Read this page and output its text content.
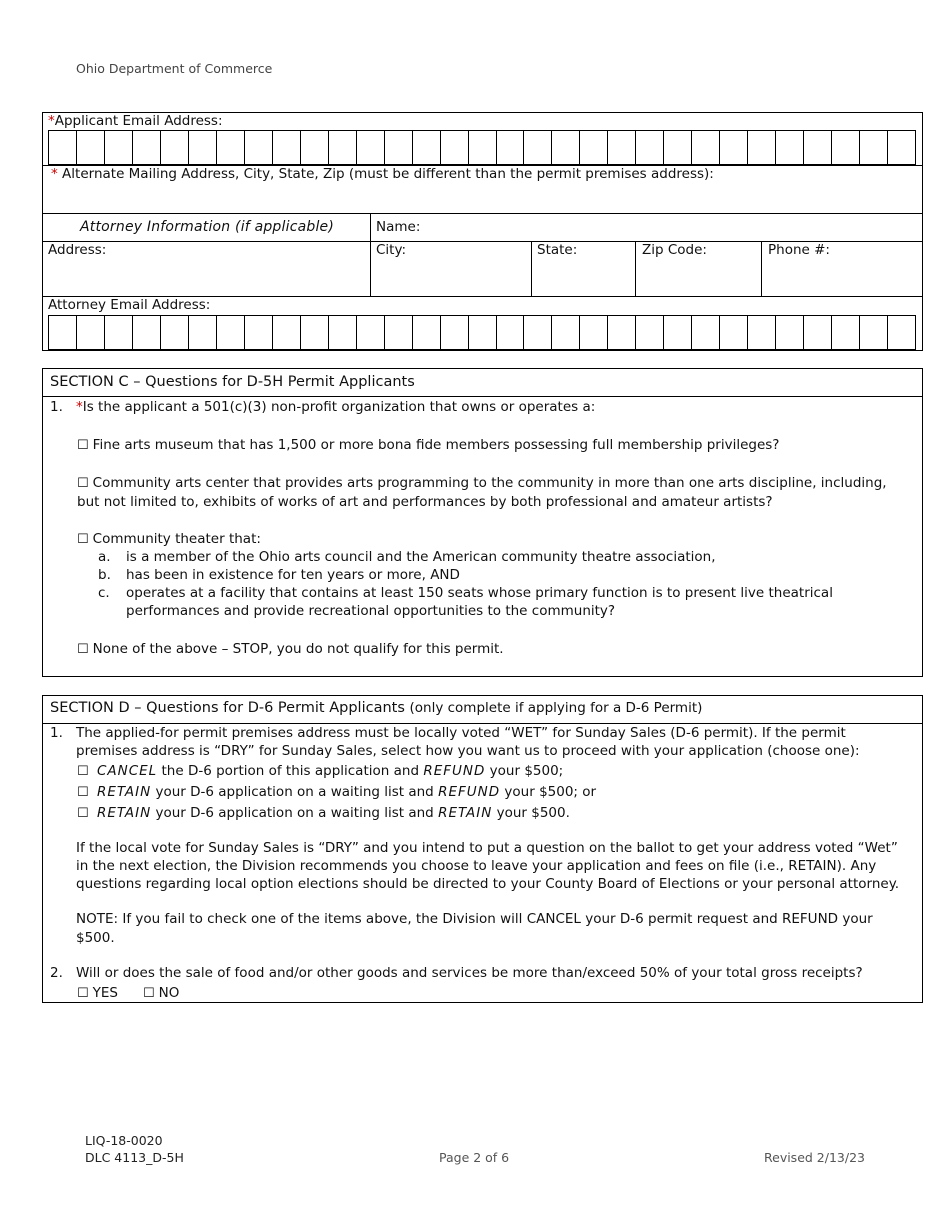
Ohio Department of Commerce
*Applicant Email Address:
* Alternate Mailing Address, City, State, Zip (must be different than the permit premises address):
Attorney Information (if applicable)	Name:
Address:	City:	State:	Zip Code:	Phone #:
Attorney Email Address:
SECTION C – Questions for D-5H Permit Applicants
1. *Is the applicant a 501(c)(3) non-profit organization that owns or operates a:
☐ Fine arts museum that has 1,500 or more bona fide members possessing full membership privileges?
☐ Community arts center that provides arts programming to the community in more than one arts discipline, including,
but not limited to, exhibits of works of art and performances by both professional and amateur artists?
☐ Community theater that:
a. is a member of the Ohio arts council and the American community theatre association,
b. has been in existence for ten years or more, AND
c. operates at a facility that contains at least 150 seats whose primary function is to present live theatrical
performances and provide recreational opportunities to the community?
☐ None of the above – STOP, you do not qualify for this permit.
SECTION D – Questions for D-6 Permit Applicants (only complete if applying for a D-6 Permit)
1. The applied-for permit premises address must be locally voted “WET” for Sunday Sales (D-6 permit). If the permit
premises address is “DRY” for Sunday Sales, select how you want us to proceed with your application (choose one):
☐ CANCEL the D-6 portion of this application and REFUND your $500;
☐ RETAIN your D-6 application on a waiting list and REFUND your $500; or
☐ RETAIN your D-6 application on a waiting list and RETAIN your $500.
If the local vote for Sunday Sales is “DRY” and you intend to put a question on the ballot to get your address voted “Wet”
in the next election, the Division recommends you choose to leave your application and fees on file (i.e., RETAIN). Any
questions regarding local option elections should be directed to your County Board of Elections or your personal attorney.
NOTE: If you fail to check one of the items above, the Division will CANCEL your D-6 permit request and REFUND your
$500.
2. Will or does the sale of food and/or other goods and services be more than/exceed 50% of your total gross receipts?
☐ YES ☐ NO
LIQ-18-0020
DLC 4113_D-5H	Page 2 of 6	Revised 2/13/23
